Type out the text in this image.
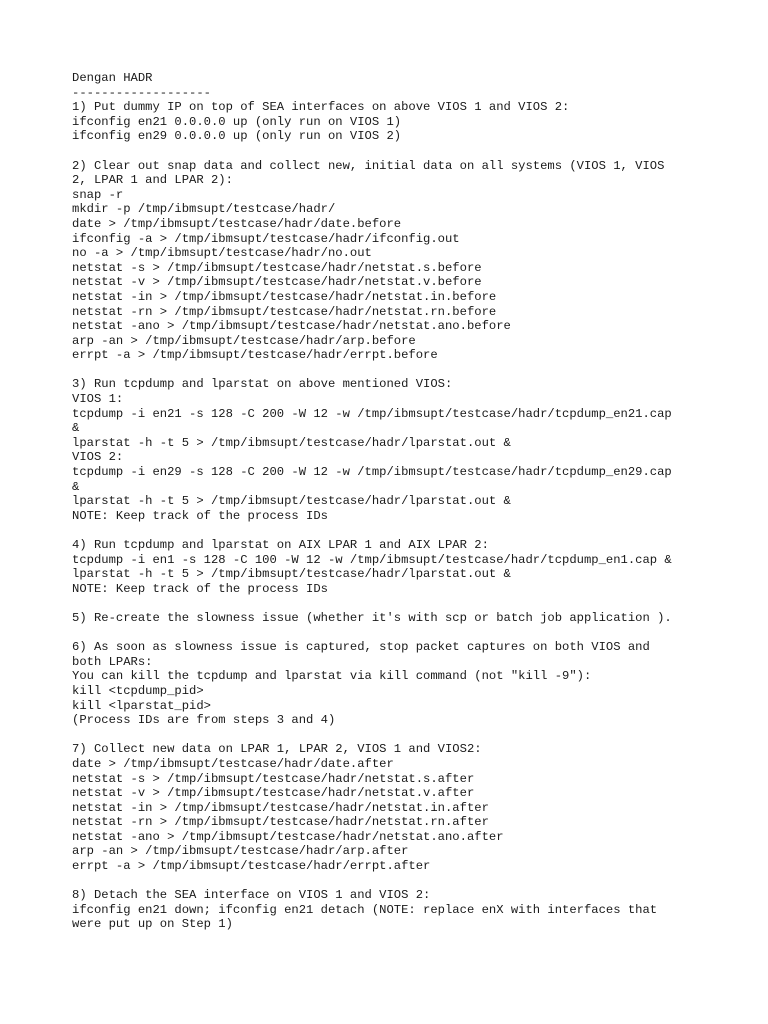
Dengan HADR
-------------------
1) Put dummy IP on top of SEA interfaces on above VIOS 1 and VIOS 2:
ifconfig en21 0.0.0.0 up (only run on VIOS 1)
ifconfig en29 0.0.0.0 up (only run on VIOS 2)
2) Clear out snap data and collect new, initial data on all systems (VIOS 1, VIOS
2, LPAR 1 and LPAR 2):
snap -r
mkdir -p /tmp/ibmsupt/testcase/hadr/
date > /tmp/ibmsupt/testcase/hadr/date.before
ifconfig -a > /tmp/ibmsupt/testcase/hadr/ifconfig.out
no -a > /tmp/ibmsupt/testcase/hadr/no.out
netstat -s > /tmp/ibmsupt/testcase/hadr/netstat.s.before
netstat -v > /tmp/ibmsupt/testcase/hadr/netstat.v.before
netstat -in > /tmp/ibmsupt/testcase/hadr/netstat.in.before
netstat -rn > /tmp/ibmsupt/testcase/hadr/netstat.rn.before
netstat -ano > /tmp/ibmsupt/testcase/hadr/netstat.ano.before
arp -an > /tmp/ibmsupt/testcase/hadr/arp.before
errpt -a > /tmp/ibmsupt/testcase/hadr/errpt.before
3) Run tcpdump and lparstat on above mentioned VIOS:
VIOS 1:
tcpdump -i en21 -s 128 -C 200 -W 12 -w /tmp/ibmsupt/testcase/hadr/tcpdump_en21.cap
&
lparstat -h -t 5 > /tmp/ibmsupt/testcase/hadr/lparstat.out &
VIOS 2:
tcpdump -i en29 -s 128 -C 200 -W 12 -w /tmp/ibmsupt/testcase/hadr/tcpdump_en29.cap
&
lparstat -h -t 5 > /tmp/ibmsupt/testcase/hadr/lparstat.out &
NOTE: Keep track of the process IDs
4) Run tcpdump and lparstat on AIX LPAR 1 and AIX LPAR 2:
tcpdump -i en1 -s 128 -C 100 -W 12 -w /tmp/ibmsupt/testcase/hadr/tcpdump_en1.cap &
lparstat -h -t 5 > /tmp/ibmsupt/testcase/hadr/lparstat.out &
NOTE: Keep track of the process IDs
5) Re-create the slowness issue (whether it's with scp or batch job application ).
6) As soon as slowness issue is captured, stop packet captures on both VIOS and
both LPARs:
You can kill the tcpdump and lparstat via kill command (not "kill -9"):
kill <tcpdump_pid>
kill <lparstat_pid>
(Process IDs are from steps 3 and 4)
7) Collect new data on LPAR 1, LPAR 2, VIOS 1 and VIOS2:
date > /tmp/ibmsupt/testcase/hadr/date.after
netstat -s > /tmp/ibmsupt/testcase/hadr/netstat.s.after
netstat -v > /tmp/ibmsupt/testcase/hadr/netstat.v.after
netstat -in > /tmp/ibmsupt/testcase/hadr/netstat.in.after
netstat -rn > /tmp/ibmsupt/testcase/hadr/netstat.rn.after
netstat -ano > /tmp/ibmsupt/testcase/hadr/netstat.ano.after
arp -an > /tmp/ibmsupt/testcase/hadr/arp.after
errpt -a > /tmp/ibmsupt/testcase/hadr/errpt.after
8) Detach the SEA interface on VIOS 1 and VIOS 2:
ifconfig en21 down; ifconfig en21 detach (NOTE: replace enX with interfaces that
were put up on Step 1)
